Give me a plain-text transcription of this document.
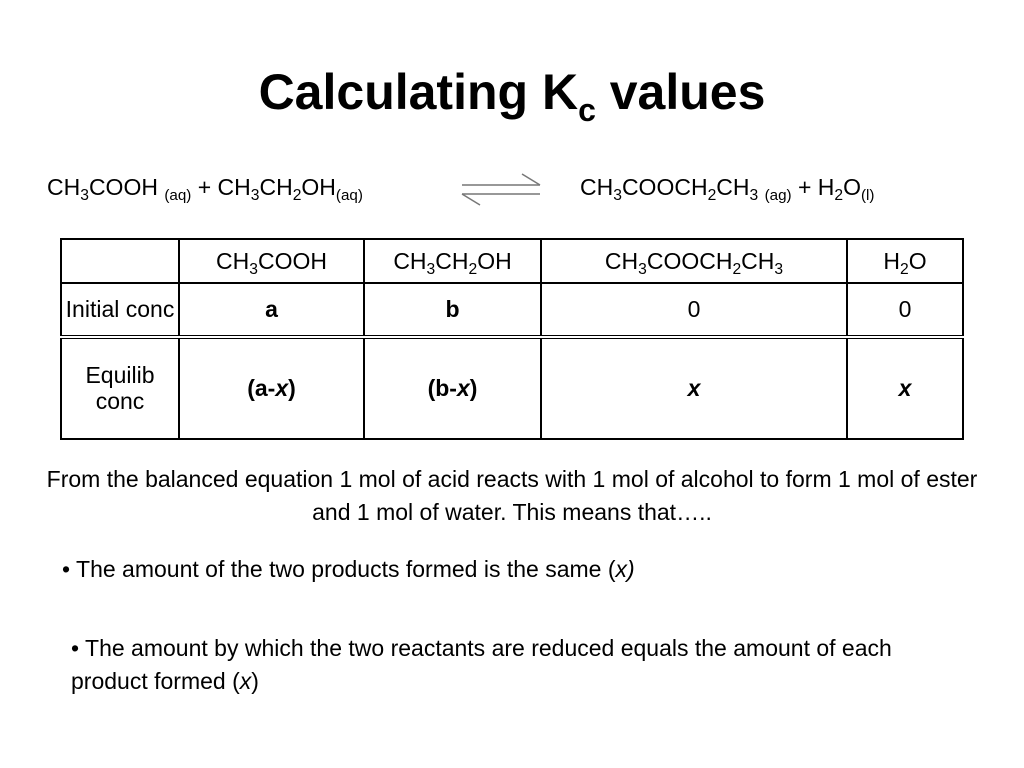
Calculating $K_c$ values
$CH_3COOH$ $_{(aq)} + CH_3CH_2OH_{(aq)}$	$CH_3COOCH_2CH_3$ $_{(ag)} + H_2O_{(l)}$
	$CH_3COOH$	$CH_3CH_2OH$	$CH_3COOCH_2CH_3$	$H_2O$
Initial conc	a	b	0	0
Equilib conc	(a-x)	(b-x)	x	x
From the balanced equation 1 mol of acid reacts with 1 mol of alcohol to form 1 mol of ester and 1 mol of water. This means that…..
• The amount of the two products formed is the same (x)
• The amount by which the two reactants are reduced equals the amount of each product formed (x)
